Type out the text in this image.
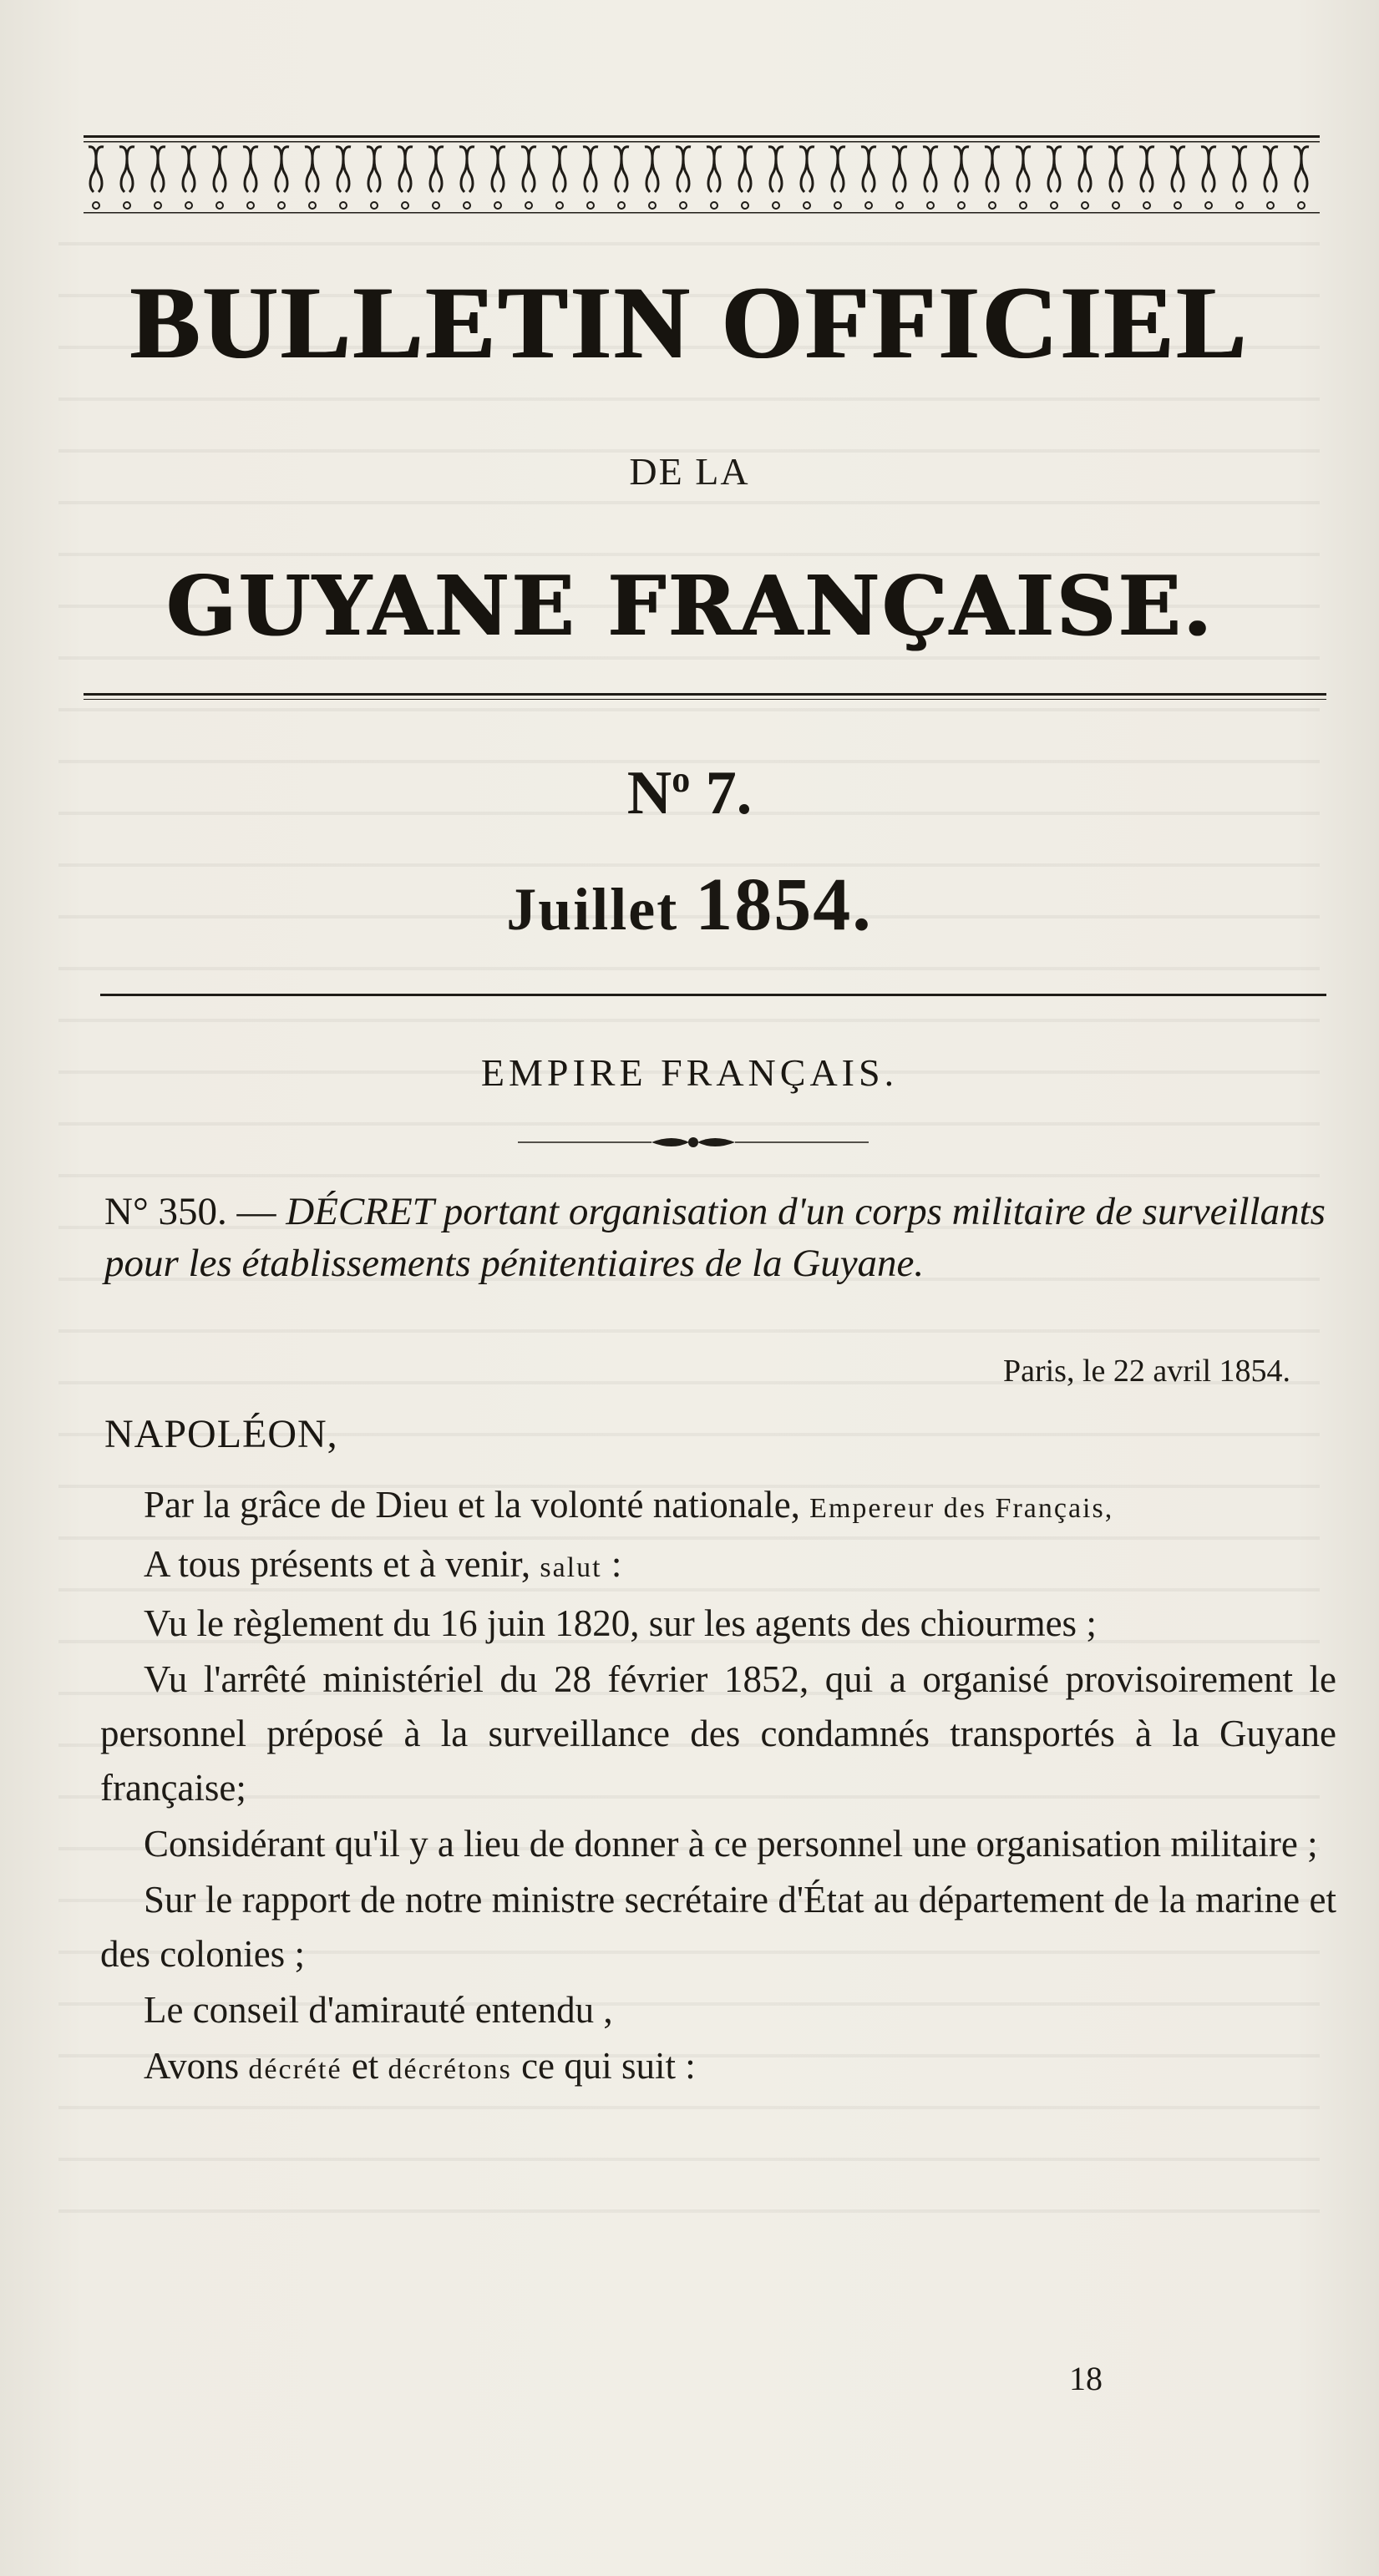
BULLETIN OFFICIEL
DE LA
GUYANE FRANÇAISE.
$N^o$ 7.
Juillet 1854.
EMPIRE FRANÇAIS.
N° 350. — DÉCRET portant organisation d'un corps militaire de surveillants pour les établissements pénitentiaires de la Guyane.
Paris, le 22 avril 1854.
NAPOLÉON,

Par la grâce de Dieu et la volonté nationale, Empereur des Français,

A tous présents et à venir, salut :

Vu le règlement du 16 juin 1820, sur les agents des chiourmes ;

Vu l'arrêté ministériel du 28 février 1852, qui a organisé provisoirement le personnel préposé à la surveillance des condamnés transportés à la Guyane française;

Considérant qu'il y a lieu de donner à ce personnel une organisation militaire ;

Sur le rapport de notre ministre secrétaire d'État au département de la marine et des colonies ;

Le conseil d'amirauté entendu ,

Avons décrété et décrétons ce qui suit :

18
